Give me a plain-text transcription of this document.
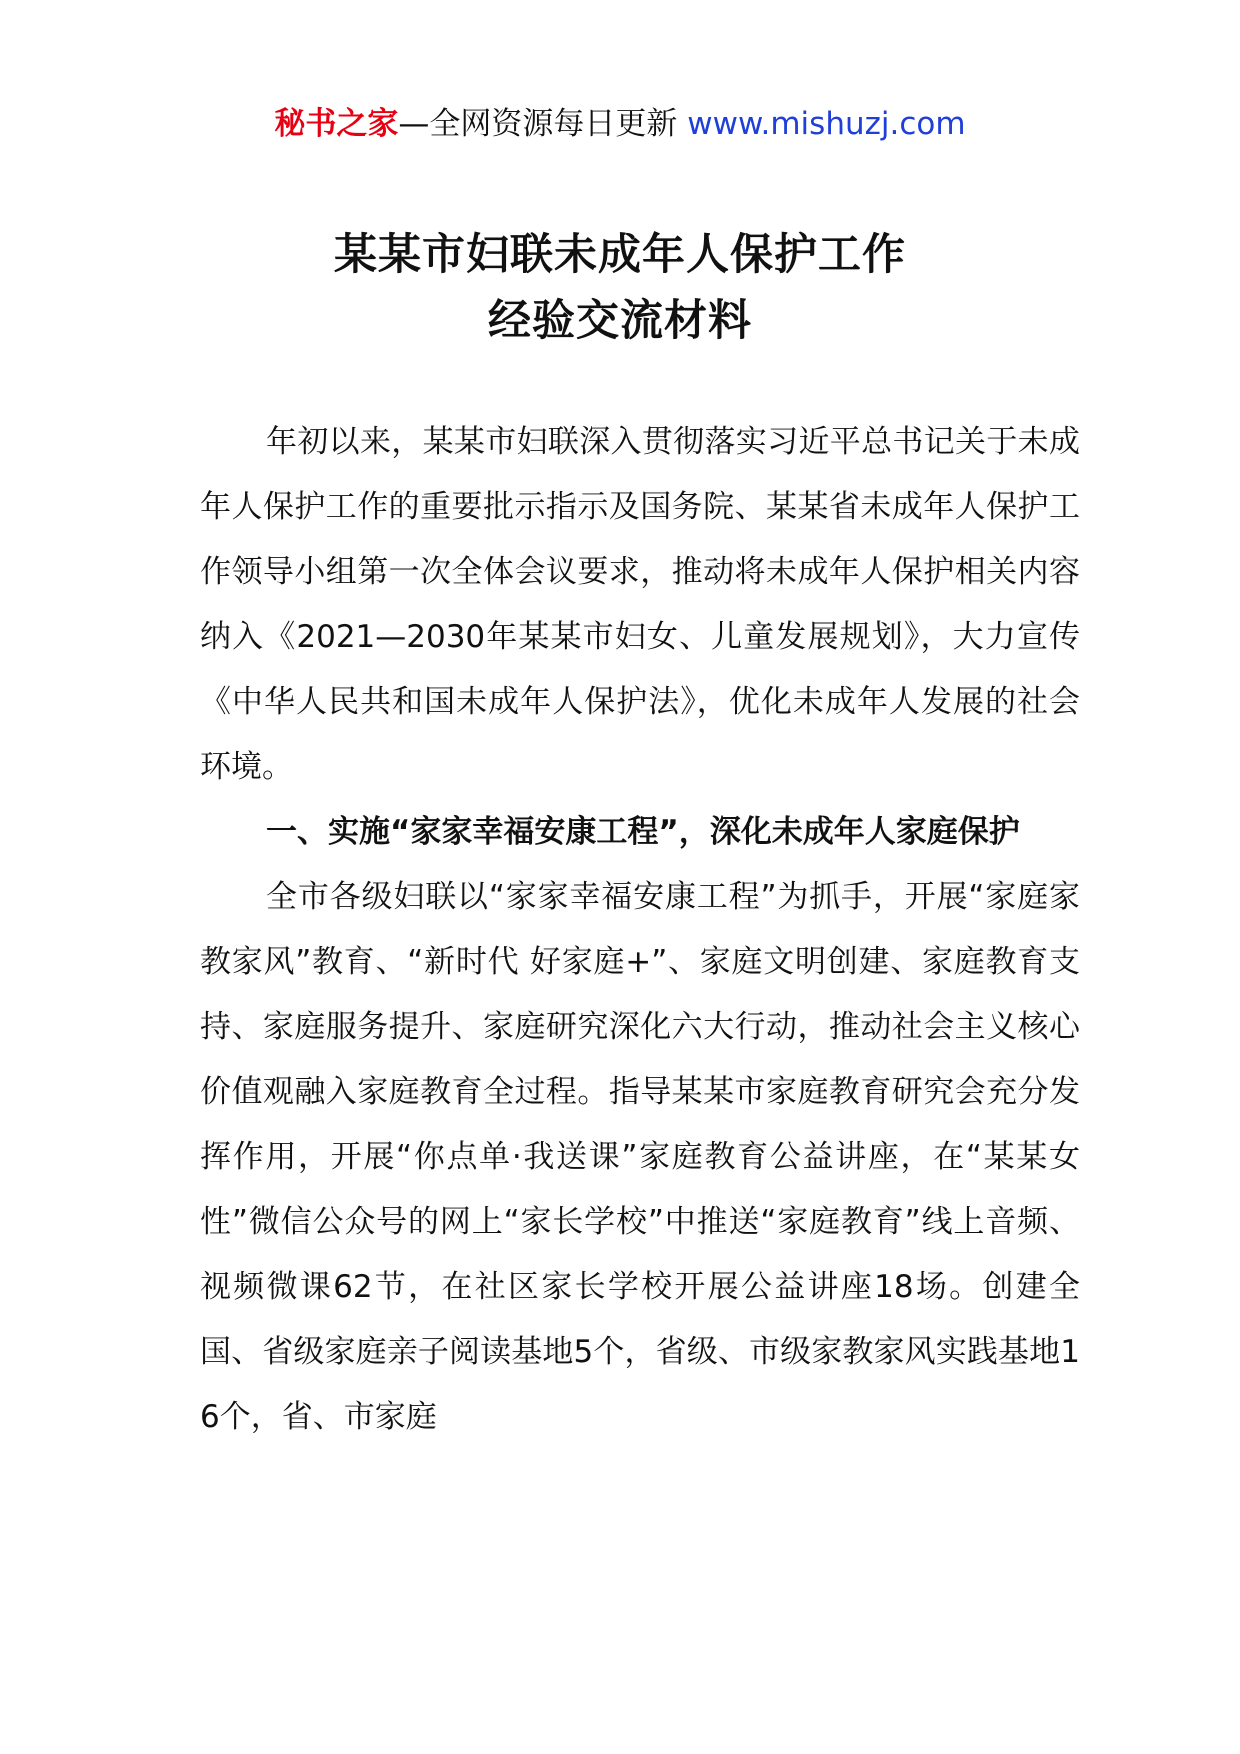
秘书之家—全网资源每日更新 www.mishuzj.com
某某市妇联未成年人保护工作
经验交流材料

年初以来，某某市妇联深入贯彻落实习近平总书记关于未成年人保护工作的重要批示指示及国务院、某某省未成年人保护工作领导小组第一次全体会议要求，推动将未成年人保护相关内容纳入《2021—2030年某某市妇女、儿童发展规划》，大力宣传《中华人民共和国未成年人保护法》，优化未成年人发展的社会环境。

一、实施“家家幸福安康工程”，深化未成年人家庭保护

全市各级妇联以“家家幸福安康工程”为抓手，开展“家庭家教家风”教育、“新时代 好家庭+”、家庭文明创建、家庭教育支持、家庭服务提升、家庭研究深化六大行动，推动社会主义核心价值观融入家庭教育全过程。指导某某市家庭教育研究会充分发挥作用，开展“你点单·我送课”家庭教育公益讲座，在“某某女性”微信公众号的网上“家长学校”中推送“家庭教育”线上音频、视频微课62节，在社区家长学校开展公益讲座18场。创建全国、省级家庭亲子阅读基地5个，省级、市级家教家风实践基地16个，省、市家庭
